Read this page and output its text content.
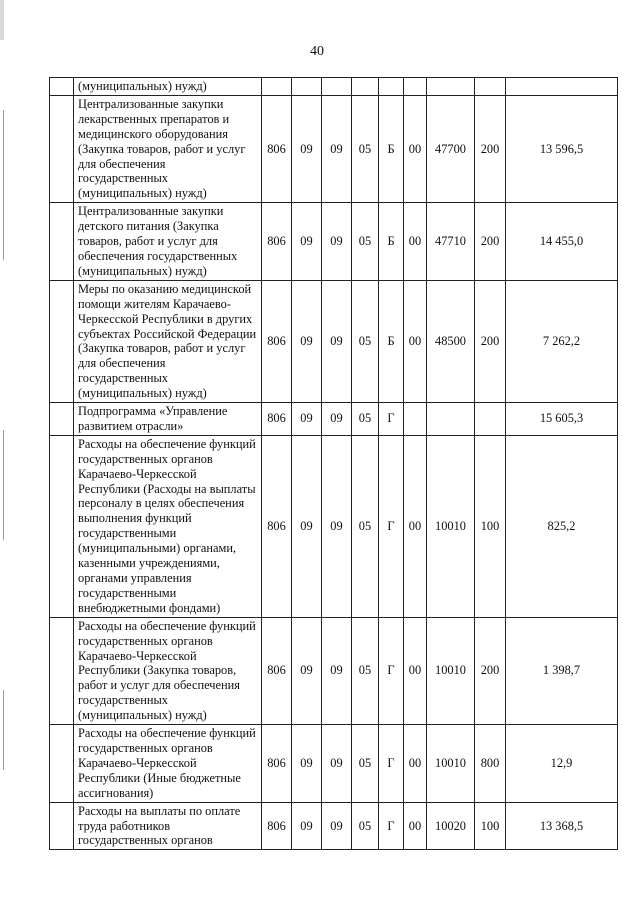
40
	(муниципальных) нужд)									
	Централизованные закупки лекарственных препаратов и медицинского оборудования (Закупка товаров, работ и услуг для обеспечения государственных (муниципальных) нужд)	806	09	09	05	Б	00	47700	200	13 596,5
	Централизованные закупки детского питания (Закупка товаров, работ и услуг для обеспечения государственных (муниципальных) нужд)	806	09	09	05	Б	00	47710	200	14 455,0
	Меры по оказанию медицинской помощи жителям Карачаево-Черкесской Республики в других субъектах Российской Федерации (Закупка товаров, работ и услуг для обеспечения государственных (муниципальных) нужд)	806	09	09	05	Б	00	48500	200	7 262,2
	Подпрограмма «Управление развитием отрасли»	806	09	09	05	Г				15 605,3
	Расходы на обеспечение функций государственных органов Карачаево-Черкесской Республики (Расходы на выплаты персоналу в целях обеспечения выполнения функций государственными (муниципальными) органами, казенными учреждениями, органами управления государственными внебюджетными фондами)	806	09	09	05	Г	00	10010	100	825,2
	Расходы на обеспечение функций государственных органов Карачаево-Черкесской Республики (Закупка товаров, работ и услуг для обеспечения государственных (муниципальных) нужд)	806	09	09	05	Г	00	10010	200	1 398,7
	Расходы на обеспечение функций государственных органов Карачаево-Черкесской Республики (Иные бюджетные ассигнования)	806	09	09	05	Г	00	10010	800	12,9
	Расходы на выплаты по оплате труда работников государственных органов	806	09	09	05	Г	00	10020	100	13 368,5
